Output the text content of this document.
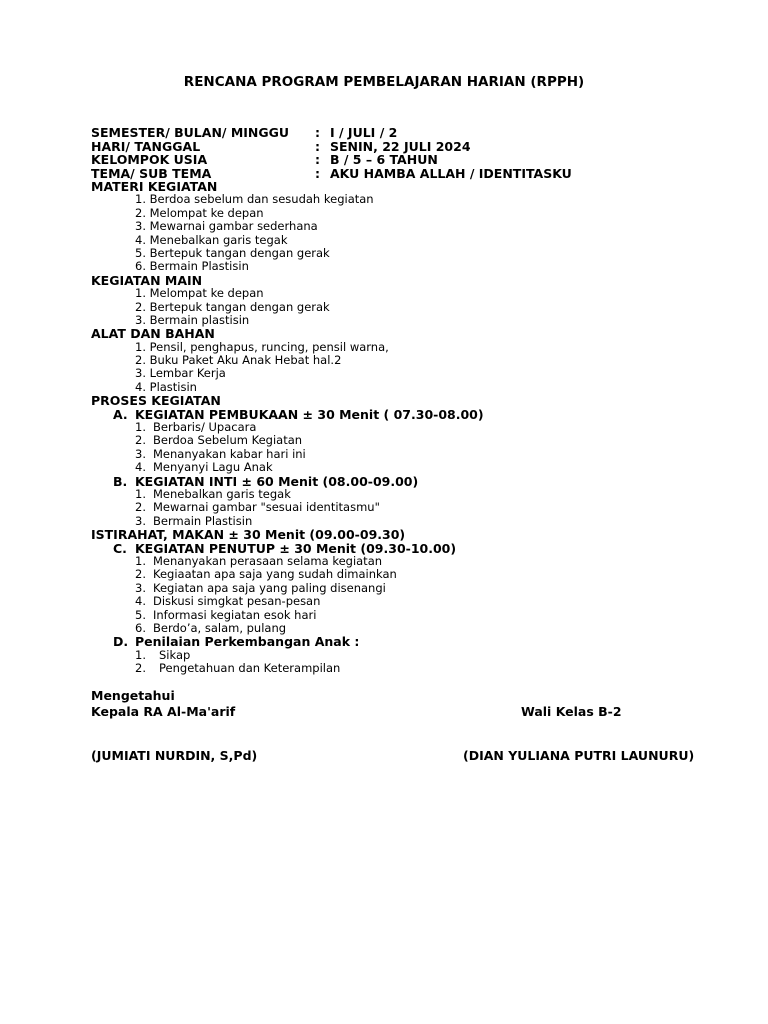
RENCANA PROGRAM PEMBELAJARAN HARIAN (RPPH)
SEMESTER/ BULAN/ MINGGU	: I / JULI / 2
HARI/ TANGGAL	: SENIN, 22 JULI 2024
KELOMPOK USIA	: B / 5 – 6 TAHUN
TEMA/ SUB TEMA	: AKU HAMBA ALLAH / IDENTITASKU
MATERI KEGIATAN
1. Berdoa sebelum dan sesudah kegiatan
2. Melompat ke depan
3. Mewarnai gambar sederhana
4. Menebalkan garis tegak
5. Bertepuk tangan dengan gerak
6. Bermain Plastisin
KEGIATAN MAIN
1. Melompat ke depan
2. Bertepuk tangan dengan gerak
3. Bermain plastisin
ALAT DAN BAHAN
1. Pensil, penghapus, runcing, pensil warna,
2. Buku Paket Aku Anak Hebat hal.2
3. Lembar Kerja
4. Plastisin
PROSES KEGIATAN
A. KEGIATAN PEMBUKAAN ± 30 Menit ( 07.30-08.00)
1. Berbaris/ Upacara
2. Berdoa Sebelum Kegiatan
3. Menanyakan kabar hari ini
4. Menyanyi Lagu Anak
B. KEGIATAN INTI ± 60 Menit (08.00-09.00)
1. Menebalkan garis tegak
2. Mewarnai gambar "sesuai identitasmu"
3. Bermain Plastisin
ISTIRAHAT, MAKAN ± 30 Menit (09.00-09.30)
C. KEGIATAN PENUTUP ± 30 Menit (09.30-10.00)
1. Menanyakan perasaan selama kegiatan
2. Kegiaatan apa saja yang sudah dimainkan
3. Kegiatan apa saja yang paling disenangi
4. Diskusi simgkat pesan-pesan
5. Informasi kegiatan esok hari
6. Berdo’a, salam, pulang
D. Penilaian Perkembangan Anak :
1.	Sikap
2.	Pengetahuan dan Keterampilan
Mengetahui
Kepala RA Al-Ma'arif	Wali Kelas B-2
(JUMIATI NURDIN, S,Pd)	(DIAN YULIANA PUTRI LAUNURU)
